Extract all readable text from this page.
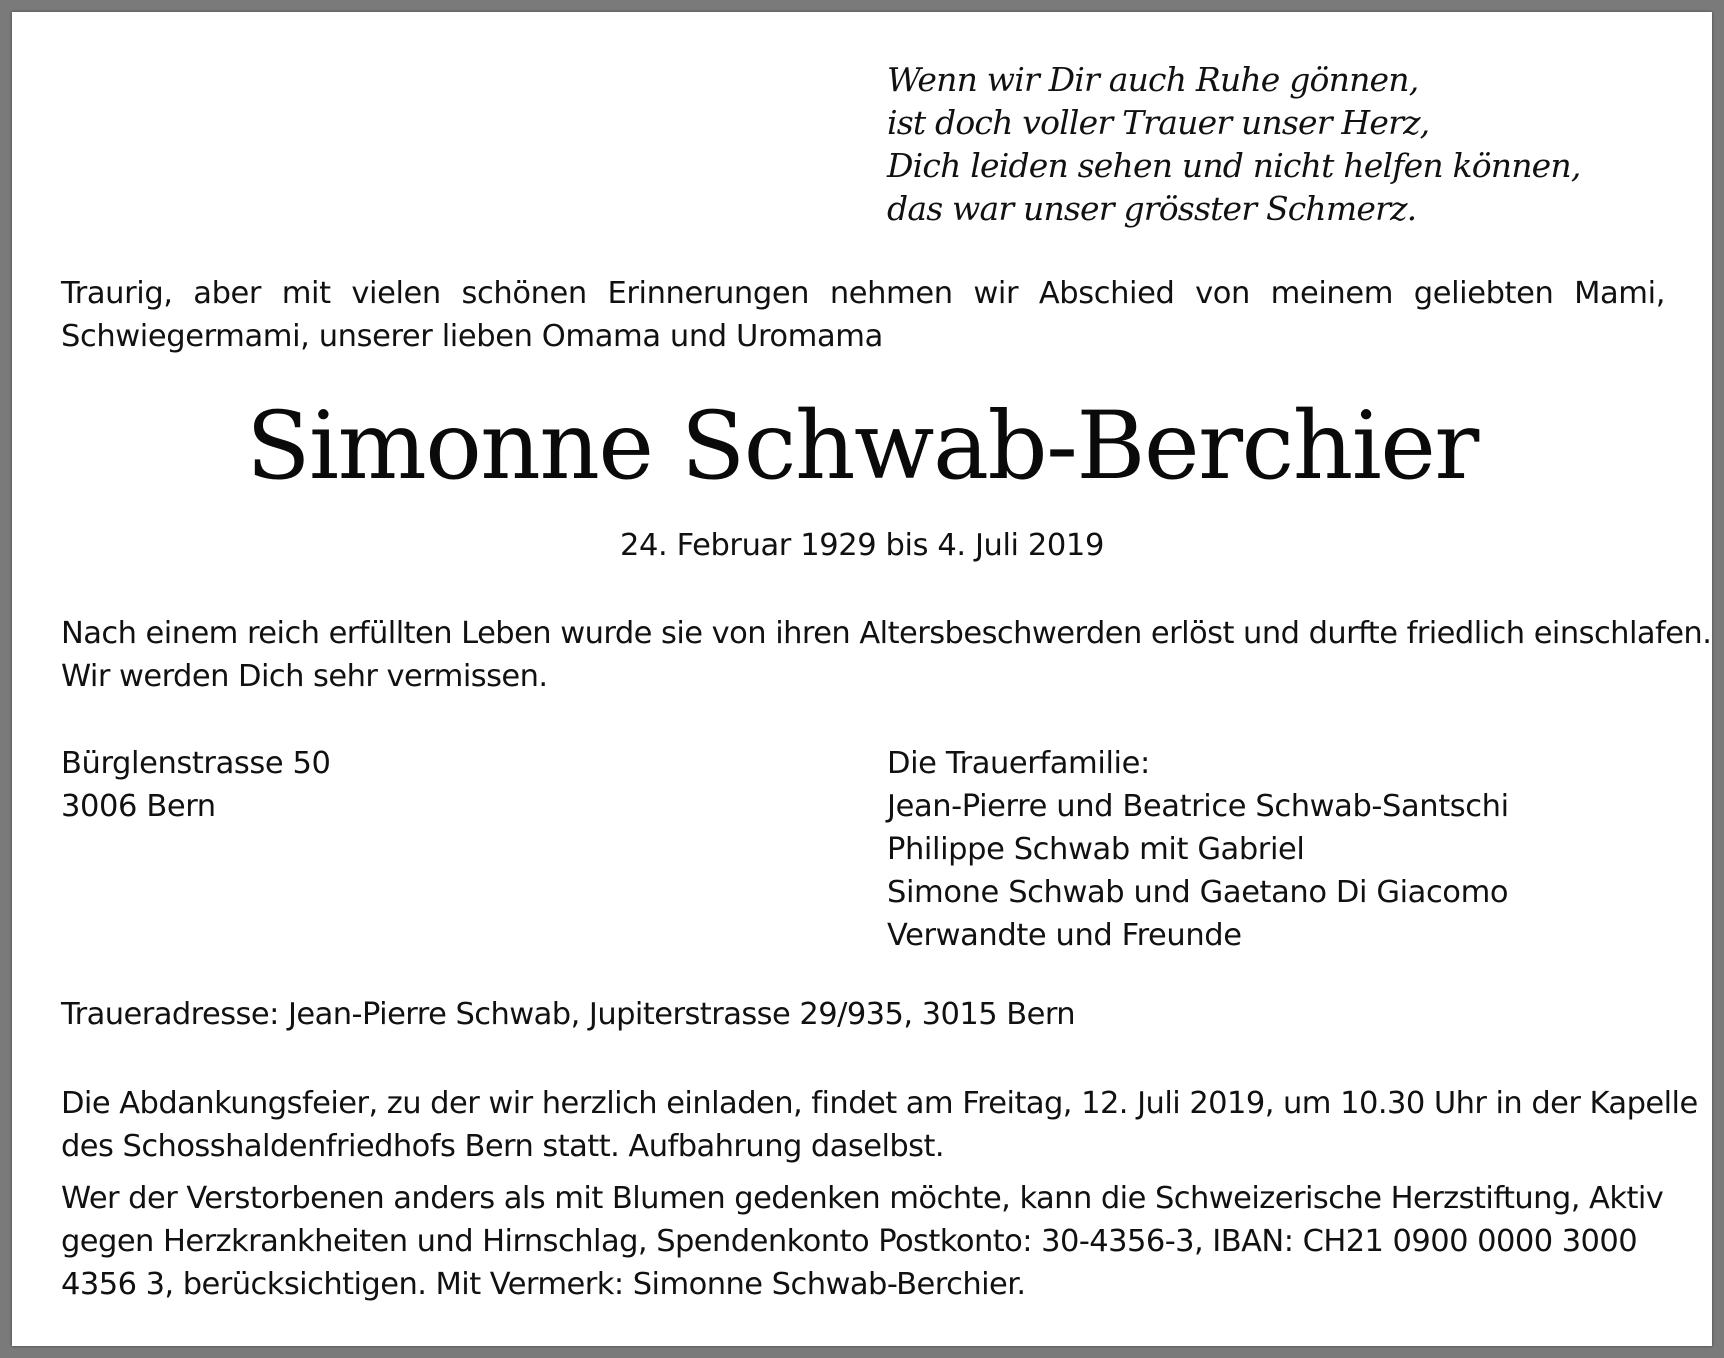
Wenn wir Dir auch Ruhe gönnen,
ist doch voller Trauer unser Herz,
Dich leiden sehen und nicht helfen können,
das war unser grösster Schmerz.
Traurig, aber mit vielen schönen Erinnerungen nehmen wir Abschied von meinem geliebten Mami,
Schwiegermami, unserer lieben Omama und Uromama
Simonne Schwab-Berchier
24. Februar 1929 bis 4. Juli 2019
Nach einem reich erfüllten Leben wurde sie von ihren Altersbeschwerden erlöst und durfte friedlich einschlafen.
Wir werden Dich sehr vermissen.
Bürglenstrasse 50
3006 Bern
Die Trauerfamilie:
Jean-Pierre und Beatrice Schwab-Santschi
Philippe Schwab mit Gabriel
Simone Schwab und Gaetano Di Giacomo
Verwandte und Freunde
Traueradresse: Jean-Pierre Schwab, Jupiterstrasse 29/935, 3015 Bern
Die Abdankungsfeier, zu der wir herzlich einladen, findet am Freitag, 12. Juli 2019, um 10.30 Uhr in der Kapelle
des Schosshaldenfriedhofs Bern statt. Aufbahrung daselbst.
Wer der Verstorbenen anders als mit Blumen gedenken möchte, kann die Schweizerische Herzstiftung, Aktiv
gegen Herzkrankheiten und Hirnschlag, Spendenkonto Postkonto: 30-4356-3, IBAN: CH21 0900 0000 3000
4356 3, berücksichtigen. Mit Vermerk: Simonne Schwab-Berchier.
